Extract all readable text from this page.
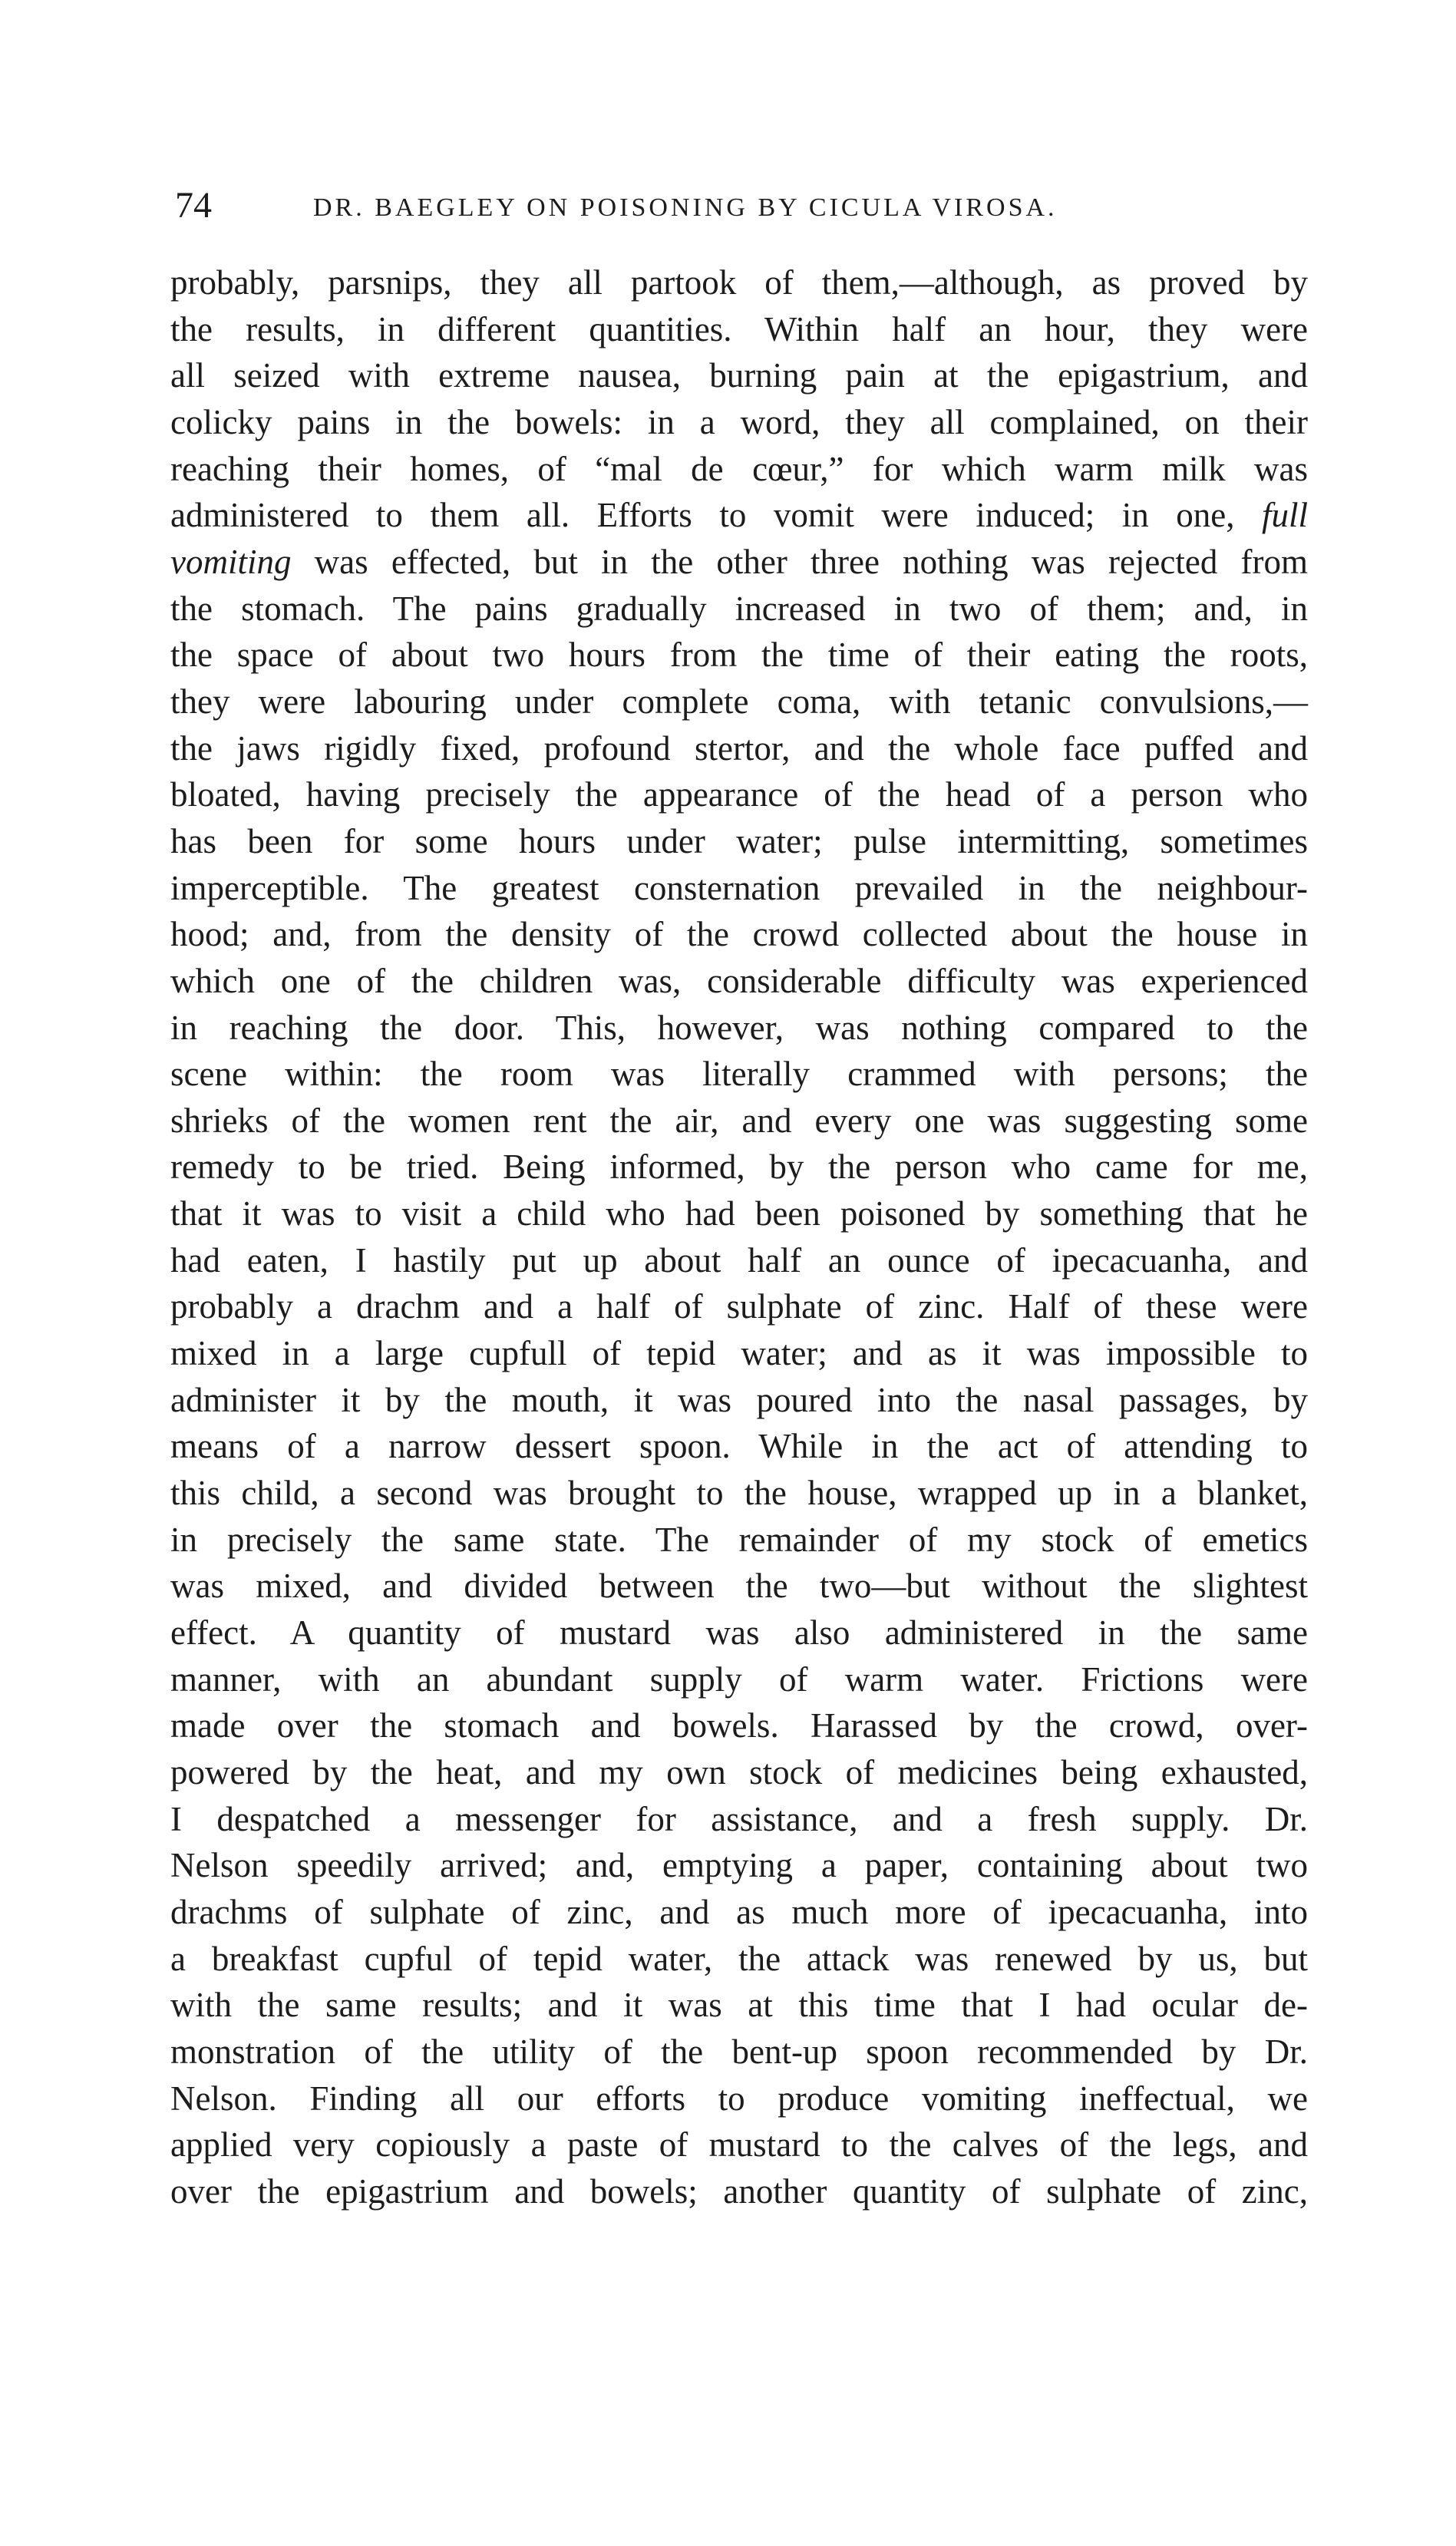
74	DR. BAEGLEY ON POISONING BY CICULA VIROSA.
probably, parsnips, they all partook of them,—although, as proved by
the results, in different quantities. Within half an hour, they were
all seized with extreme nausea, burning pain at the epigastrium, and
colicky pains in the bowels: in a word, they all complained, on their
reaching their homes, of “mal de cœur,” for which warm milk was
administered to them all. Efforts to vomit were induced; in one, full
vomiting was effected, but in the other three nothing was rejected from
the stomach. The pains gradually increased in two of them; and, in
the space of about two hours from the time of their eating the roots,
they were labouring under complete coma, with tetanic convulsions,—
the jaws rigidly fixed, profound stertor, and the whole face puffed and
bloated, having precisely the appearance of the head of a person who
has been for some hours under water; pulse intermitting, sometimes
imperceptible. The greatest consternation prevailed in the neighbour-
hood; and, from the density of the crowd collected about the house in
which one of the children was, considerable difficulty was experienced
in reaching the door. This, however, was nothing compared to the
scene within: the room was literally crammed with persons; the
shrieks of the women rent the air, and every one was suggesting some
remedy to be tried. Being informed, by the person who came for me,
that it was to visit a child who had been poisoned by something that he
had eaten, I hastily put up about half an ounce of ipecacuanha, and
probably a drachm and a half of sulphate of zinc. Half of these were
mixed in a large cupfull of tepid water; and as it was impossible to
administer it by the mouth, it was poured into the nasal passages, by
means of a narrow dessert spoon. While in the act of attending to
this child, a second was brought to the house, wrapped up in a blanket,
in precisely the same state. The remainder of my stock of emetics
was mixed, and divided between the two—but without the slightest
effect. A quantity of mustard was also administered in the same
manner, with an abundant supply of warm water. Frictions were
made over the stomach and bowels. Harassed by the crowd, over-
powered by the heat, and my own stock of medicines being exhausted,
I despatched a messenger for assistance, and a fresh supply. Dr.
Nelson speedily arrived; and, emptying a paper, containing about two
drachms of sulphate of zinc, and as much more of ipecacuanha, into
a breakfast cupful of tepid water, the attack was renewed by us, but
with the same results; and it was at this time that I had ocular de-
monstration of the utility of the bent-up spoon recommended by Dr.
Nelson. Finding all our efforts to produce vomiting ineffectual, we
applied very copiously a paste of mustard to the calves of the legs, and
over the epigastrium and bowels; another quantity of sulphate of zinc,
